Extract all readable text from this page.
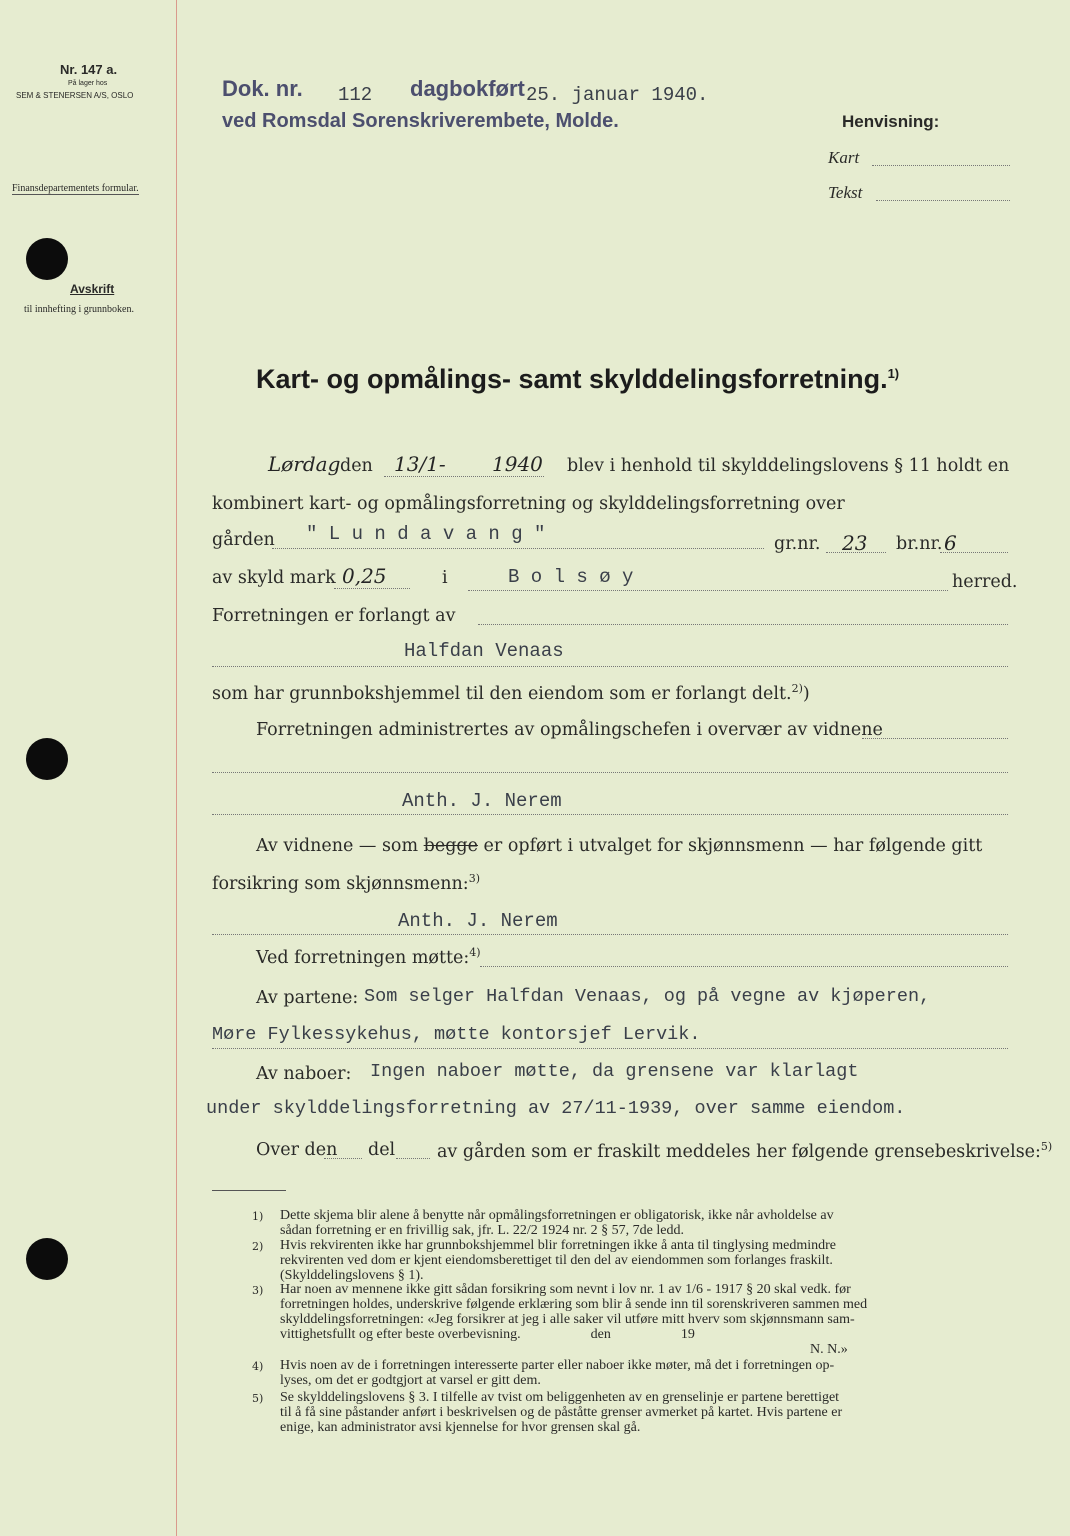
Nr. 147 a.
På lager hos
SEM & STENERSEN A/S, OSLO
Finansdepartementets formular.
Avskrift
til innhefting i grunnboken.
Dok. nr. 112 dagbokført 25. januar 1940.
ved Romsdal Sorenskriverembete, Molde.	Henvisning:
Kart
Tekst
Kart- og opmålings- samt skylddelingsforretning.$^{1)}$
Lørdag den 13/1- 1940 blev i henhold til skylddelingslovens § 11 holdt en
kombinert kart- og opmålingsforretning og skylddelingsforretning over
gården " L u n d a v a n g "	gr.nr. 23 br.nr. 6
av skyld mark 0,25	i	B o l s ø y	herred.
Forretningen er forlangt av
Halfdan Venaas
som har grunnbokshjemmel til den eiendom som er forlangt delt.$^{2)}$)
Forretningen administrertes av opmålingschefen i overvær av vidnene
Anth. J. Nerem
Av vidnene — som begge er opført i utvalget for skjønnsmenn — har følgende gitt
forsikring som skjønnsmenn:$^{3)}$
Anth. J. Nerem
Ved forretningen møtte:$^{4)}$
Av partene: Som selger Halfdan Venaas, og på vegne av kjøperen,
Møre Fylkessykehus, møtte kontorsjef Lervik.
Av naboer: Ingen naboer møtte, da grensene var klarlagt
under skylddelingsforretning av 27/11-1939, over samme eiendom.
Over den del av gården som er fraskilt meddeles her følgende grensebeskrivelse:$^{5)}$
1) Dette skjema blir alene å benytte når opmålingsforretningen er obligatorisk, ikke når avholdelse av
sådan forretning er en frivillig sak, jfr. L. 22/2 1924 nr. 2 § 57, 7de ledd.
2) Hvis rekvirenten ikke har grunnbokshjemmel blir forretningen ikke å anta til tinglysing medmindre
rekvirenten ved dom er kjent eiendomsberettiget til den del av eiendommen som forlanges fraskilt.
(Skylddelingslovens § 1).
3) Har noen av mennene ikke gitt sådan forsikring som nevnt i lov nr. 1 av 1/6 - 1917 § 20 skal vedk. før
forretningen holdes, underskrive følgende erklæring som blir å sende inn til sorenskriveren sammen med
skylddelingsforretningen: «Jeg forsikrer at jeg i alle saker vil utføre mitt hverv som skjønnsmann sam-
vittighetsfullt og efter beste overbevisning.                    den                    19
N. N.»
4) Hvis noen av de i forretningen interesserte parter eller naboer ikke møter, må det i forretningen op-
lyses, om det er godtgjort at varsel er gitt dem.
5) Se skylddelingslovens § 3. I tilfelle av tvist om beliggenheten av en grenselinje er partene berettiget
til å få sine påstander anført i beskrivelsen og de påståtte grenser avmerket på kartet. Hvis partene er
enige, kan administrator avsi kjennelse for hvor grensen skal gå.
